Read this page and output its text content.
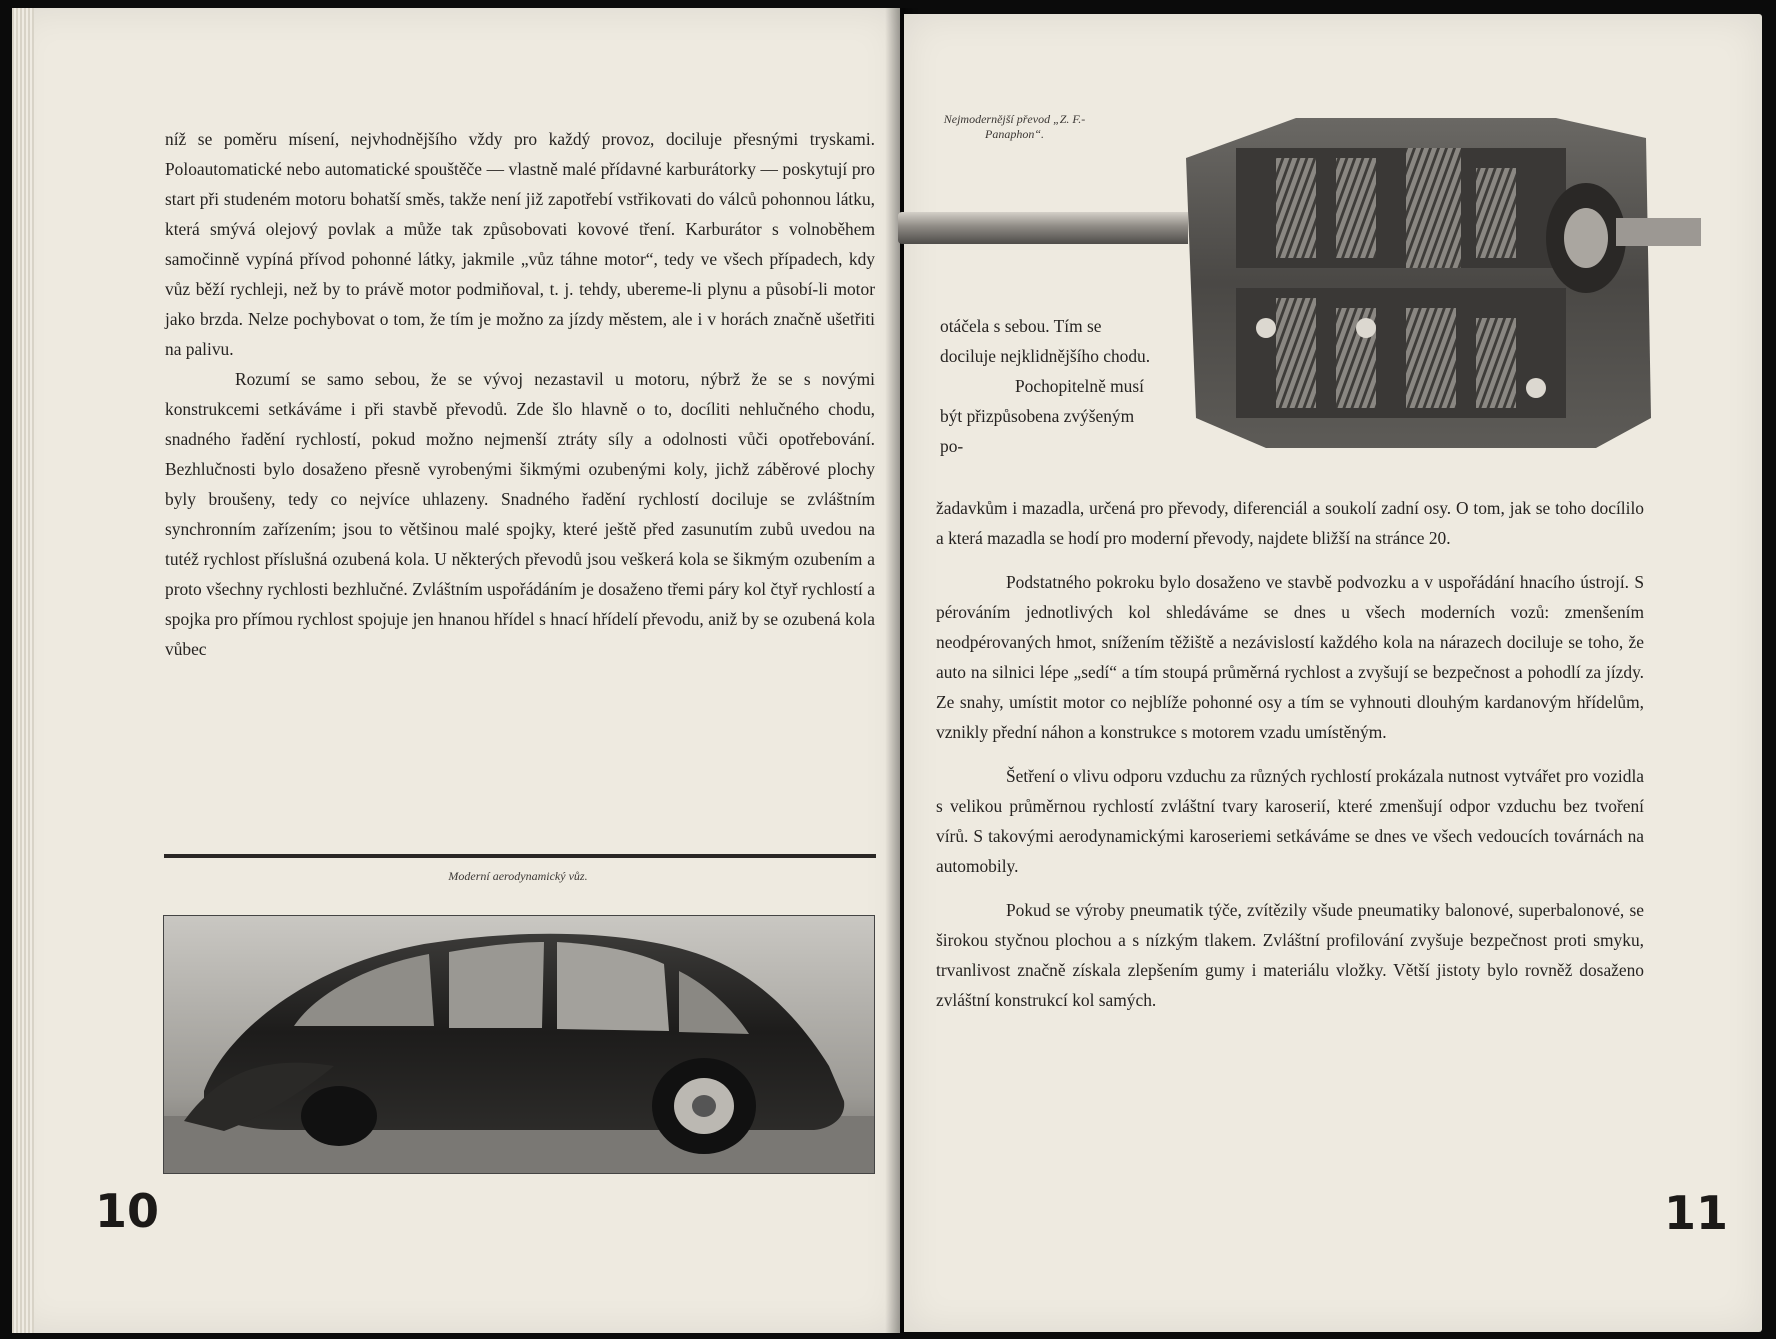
níž se poměru mísení, nejvhodnějšího vždy pro každý provoz, dociluje přesnými tryskami. Poloautomatické nebo automatické spouštěče — vlastně malé přídavné karburátorky — poskytují pro start při studeném motoru bohatší směs, takže není již zapotřebí vstřikovati do válců pohonnou látku, která smývá olejový povlak a může tak způsobovati kovové tření. Karburátor s volnoběhem samočinně vypíná přívod pohonné látky, jakmile „vůz táhne motor“, tedy ve všech případech, kdy vůz běží rychleji, než by to právě motor podmiňoval, t. j. tehdy, ubereme-li plynu a působí-li motor jako brzda. Nelze pochybovat o tom, že tím je možno za jízdy městem, ale i v horách značně ušetřiti na palivu.

Rozumí se samo sebou, že se vývoj nezastavil u motoru, nýbrž že se s novými konstrukcemi setkáváme i při stavbě převodů. Zde šlo hlavně o to, docíliti nehlučného chodu, snadného řadění rychlostí, pokud možno nejmenší ztráty síly a odolnosti vůči opotřebování. Bezhlučnosti bylo dosaženo přesně vyrobenými šikmými ozubenými koly, jichž záběrové plochy byly broušeny, tedy co nejvíce uhlazeny. Snadného řadění rychlostí dociluje se zvláštním synchronním zařízením; jsou to většinou malé spojky, které ještě před zasunutím zubů uvedou na tutéž rychlost příslušná ozubená kola. U některých převodů jsou veškerá kola se šikmým ozubením a proto všechny rychlosti bezhlučné. Zvláštním uspořádáním je dosaženo třemi páry kol čtyř rychlostí a spojka pro přímou rychlost spojuje jen hnanou hřídel s hnací hřídelí převodu, aniž by se ozubená kola vůbec

Moderní aerodynamický vůz.
10
Nejmodernější převod „Z. F.-Panaphon“.

otáčela s sebou. Tím se dociluje nejklidnějšího chodu.

Pochopitelně musí být přizpůsobena zvýšeným po-

žadavkům i mazadla, určená pro převody, diferenciál a soukolí zadní osy. O tom, jak se toho docílilo a která mazadla se hodí pro moderní převody, najdete bližší na stránce 20.

Podstatného pokroku bylo dosaženo ve stavbě podvozku a v uspořádání hnacího ústrojí. S pérováním jednotlivých kol shledáváme se dnes u všech moderních vozů: zmenšením neodpérovaných hmot, snížením těžiště a nezávislostí každého kola na nárazech dociluje se toho, že auto na silnici lépe „sedí“ a tím stoupá průměrná rychlost a zvyšují se bezpečnost a pohodlí za jízdy. Ze snahy, umístit motor co nejblíže pohonné osy a tím se vyhnouti dlouhým kardanovým hřídelům, vznikly přední náhon a konstrukce s motorem vzadu umístěným.

Šetření o vlivu odporu vzduchu za různých rychlostí prokázala nutnost vytvářet pro vozidla s velikou průměrnou rychlostí zvláštní tvary karoserií, které zmenšují odpor vzduchu bez tvoření vírů. S takovými aerodynamickými karoseriemi setkáváme se dnes ve všech vedoucích továrnách na automobily.

Pokud se výroby pneumatik týče, zvítězily všude pneumatiky balonové, superbalonové, se širokou styčnou plochou a s nízkým tlakem. Zvláštní profilování zvyšuje bezpečnost proti smyku, trvanlivost značně získala zlepšením gumy i materiálu vložky. Větší jistoty bylo rovněž dosaženo zvláštní konstrukcí kol samých.

11
